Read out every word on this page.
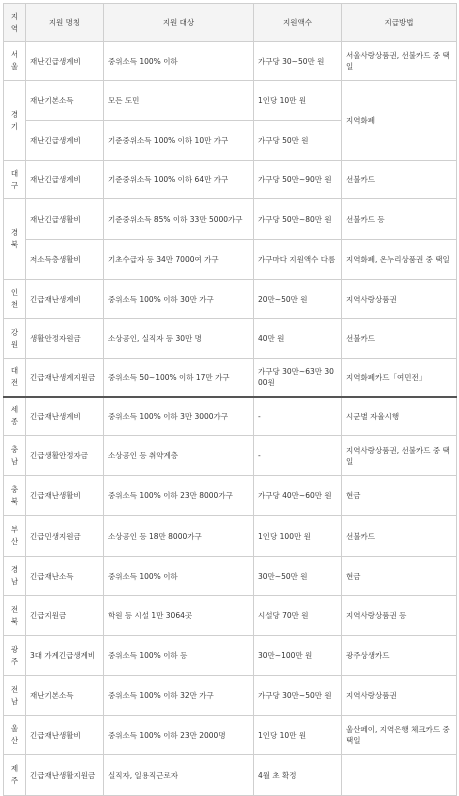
지역	지원 명칭	지원 대상	지원액수	지급방법

서울	재난긴급생계비	중위소득 100% 이하	가구당 30~50만 원	서울사랑상품권, 선불카드 중 택일

경기	재난기본소득	모든 도민	1인당 10만 원	지역화폐
	재난긴급생계비	기준중위소득 100% 이하 10만 가구	가구당 50만 원	

대구	재난긴급생계비	기준중위소득 100% 이하 64만 가구	가구당 50만~90만 원	선불카드

경북	재난긴급생활비	기준중위소득 85% 이하 33만 5000가구	가구당 50만~80만 원	선불카드 등
	저소득층생활비	기초수급자 등 34만 7000여 가구	가구마다 지원액수 다름	지역화폐, 온누리상품권 중 택일

인천	긴급재난생계비	중위소득 100% 이하 30만 가구	20만~50만 원	지역사랑상품권

강원	생활안정자원금	소상공인, 실직자 등 30만 명	40만 원	선불카드

대전	긴급재난생계지원금	중위소득 50~100% 이하 17만 가구	가구당 30만~63만 3000원	지역화폐카드「여민전」

세종	긴급재난생계비	중위소득 100% 이하 3만 3000가구	-	시군별 자율시행

충남	긴급생활안정자금	소상공인 등 취약계층	-	지역사랑상품권, 선불카드 중 택일

충북	긴급재난생활비	중위소득 100% 이하 23만 8000가구	가구당 40만~60만 원	현금

부산	긴급민생지원금	소상공인 등 18만 8000가구	1인당 100만 원	선불카드

경남	긴급재난소득	중위소득 100% 이하	30만~50만 원	현금

전북	긴급지원금	학원 등 시설 1만 3064곳	시설당 70만 원	지역사랑상품권 등

광주	3대 가계긴급생계비	중위소득 100% 이하 등	30만~100만 원	광주상생카드

전남	재난기본소득	중위소득 100% 이하 32만 가구	가구당 30만~50만 원	지역사랑상품권

울산	긴급재난생활비	중위소득 100% 이하 23만 2000명	1인당 10만 원	울산페이, 지역은행 체크카드 중 택일

제주	긴급재난생활지원금	실직자, 일용직근로자	4월 초 확정	
